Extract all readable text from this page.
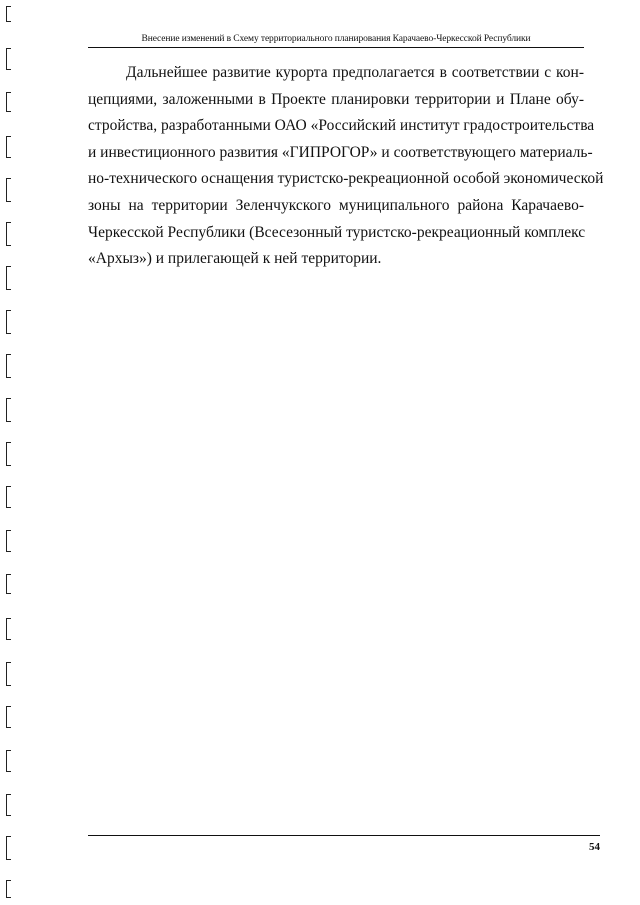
Внесение изменений в Схему территориального планирования Карачаево-Черкесской Республики
Дальнейшее развитие курорта предполагается в соответствии с кон-
цепциями, заложенными в Проекте планировки территории и Плане обу-
стройства, разработанными ОАО «Российский институт градостроительства
и инвестиционного развития «ГИПРОГОР» и соответствующего материаль-
но-технического оснащения туристско-рекреационной особой экономической
зоны на территории Зеленчукского муниципального района Карачаево-
Черкесской Республики (Всесезонный туристско-рекреационный комплекс
«Архыз») и прилегающей к ней территории.
54
